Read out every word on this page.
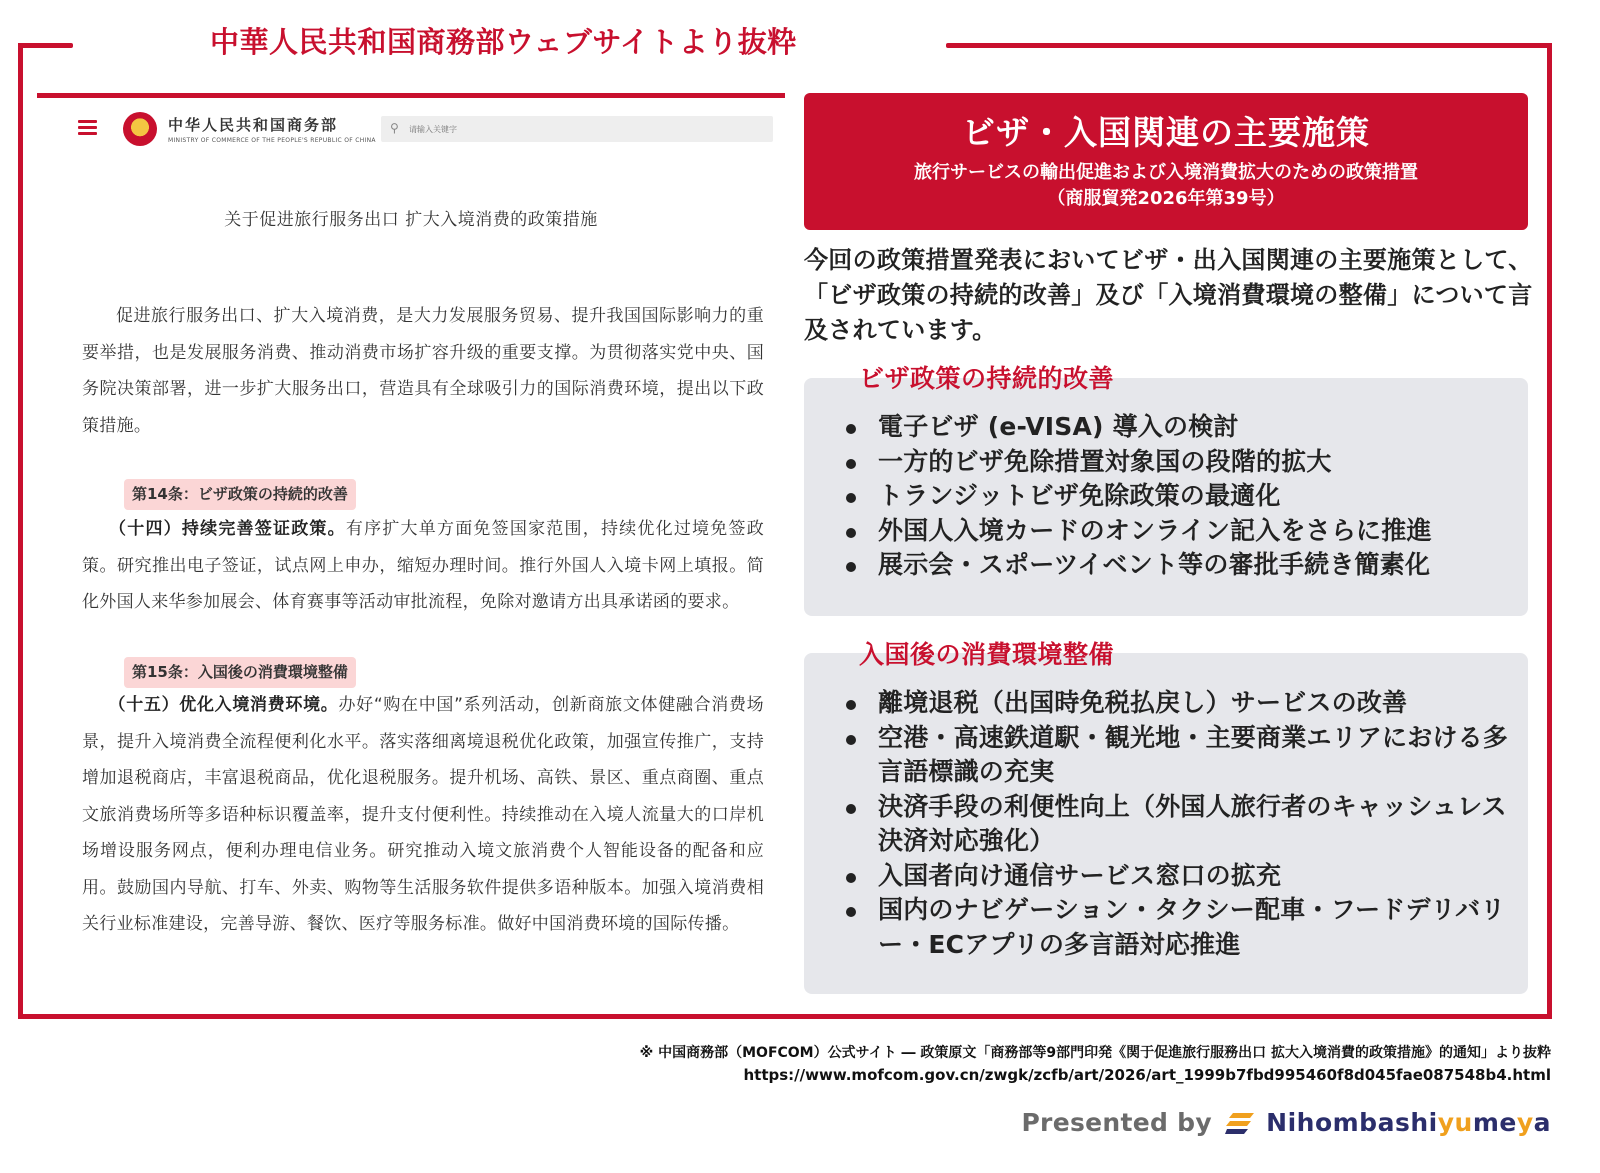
中華人民共和国商務部ウェブサイトより抜粋
中华人民共和国商务部
MINISTRY OF COMMERCE OF THE PEOPLE'S REPUBLIC OF CHINA
⚲
请输入关键字
关于促进旅行服务出口 扩大入境消费的政策措施
促进旅行服务出口、扩大入境消费，是大力发展服务贸易、提升我国国际影响力的重要举措，也是发展服务消费、推动消费市场扩容升级的重要支撑。为贯彻落实党中央、国务院决策部署，进一步扩大服务出口，营造具有全球吸引力的国际消费环境，提出以下政策措施。
第14条：ビザ政策の持続的改善
  （十四）持续完善签证政策。有序扩大单方面免签国家范围，持续优化过境免签政策。研究推出电子签证，试点网上申办，缩短办理时间。推行外国人入境卡网上填报。简化外国人来华参加展会、体育赛事等活动审批流程，免除对邀请方出具承诺函的要求。
第15条：入国後の消費環境整備
  （十五）优化入境消费环境。办好“购在中国”系列活动，创新商旅文体健融合消费场景，提升入境消费全流程便利化水平。落实落细离境退税优化政策，加强宣传推广，支持增加退税商店，丰富退税商品，优化退税服务。提升机场、高铁、景区、重点商圈、重点文旅消费场所等多语种标识覆盖率，提升支付便利性。持续推动在入境人流量大的口岸机场增设服务网点，便利办理电信业务。研究推动入境文旅消费个人智能设备的配备和应用。鼓励国内导航、打车、外卖、购物等生活服务软件提供多语种版本。加强入境消费相关行业标准建设，完善导游、餐饮、医疗等服务标准。做好中国消费环境的国际传播。
ビザ・入国関連の主要施策
旅行サービスの輸出促進および入境消費拡大のための政策措置
（商服貿発2026年第39号）
今回の政策措置発表においてビザ・出入国関連の主要施策として、「ビザ政策の持続的改善」及び「入境消費環境の整備」について言及されています。
ビザ政策の持続的改善
電子ビザ (e-VISA) 導入の検討
一方的ビザ免除措置対象国の段階的拡大
トランジットビザ免除政策の最適化
外国人入境カードのオンライン記入をさらに推進
展示会・スポーツイベント等の審批手続き簡素化
入国後の消費環境整備
離境退税（出国時免税払戻し）サービスの改善
空港・高速鉄道駅・観光地・主要商業エリアにおける多言語標識の充実
決済手段の利便性向上（外国人旅行者のキャッシュレス決済対応強化）
入国者向け通信サービス窓口の拡充
国内のナビゲーション・タクシー配車・フードデリバリー・ECアプリの多言語対応推進
※ 中国商務部（MOFCOM）公式サイト ― 政策原文「商務部等9部門印発《関于促進旅行服務出口 拡大入境消費的政策措施》的通知」より抜粋
https://www.mofcom.gov.cn/zwgk/zcfb/art/2026/art_1999b7fbd995460f8d045fae087548b4.html
Presented by Nihombashiyumeya
